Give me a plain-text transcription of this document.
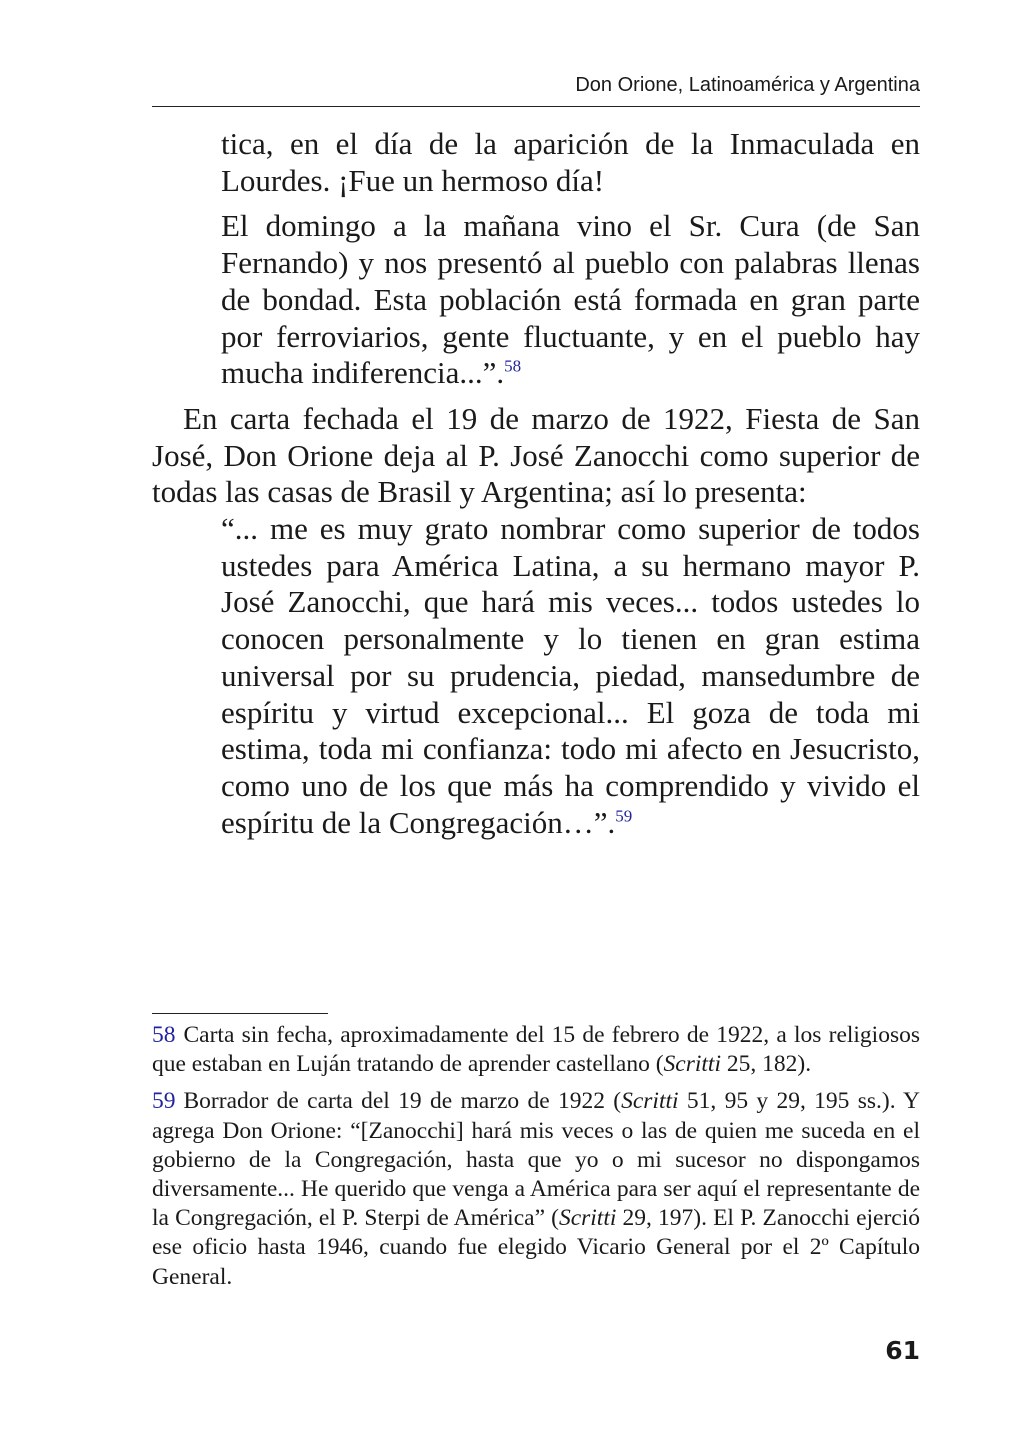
Don Orione, Latinoamérica y Argentina

tica, en el día de la aparición de la Inmaculada en Lourdes. ¡Fue un hermoso día!

El domingo a la mañana vino el Sr. Cura (de San Fernando) y nos presentó al pueblo con palabras llenas de bondad. Esta población está formada en gran parte por ferroviarios, gente fluctuante, y en el pueblo hay mucha indiferencia...”.$^{58}$

En carta fechada el 19 de marzo de 1922, Fiesta de San José, Don Orione deja al P. José Zanocchi como superior de todas las casas de Brasil y Argentina; así lo presenta:

“... me es muy grato nombrar como superior de todos ustedes para América Latina, a su hermano mayor P. José Zanocchi, que hará mis veces... todos ustedes lo conocen personalmente y lo tienen en gran estima universal por su prudencia, piedad, mansedumbre de espíritu y virtud excepcional... El goza de toda mi estima, toda mi confianza: todo mi afecto en Jesucristo, como uno de los que más ha comprendido y vivido el espíritu de la Congregación…”.$^{59}$

58 Carta sin fecha, aproximadamente del 15 de febrero de 1922, a los religiosos que estaban en Luján tratando de aprender castellano (Scritti 25, 182).

59 Borrador de carta del 19 de marzo de 1922 (Scritti 51, 95 y 29, 195 ss.). Y agrega Don Orione: “[Zanocchi] hará mis veces o las de quien me suceda en el gobierno de la Congregación, hasta que yo o mi sucesor no dispongamos diversamente... He querido que venga a América para ser aquí el representante de la Congregación, el P. Sterpi de América” (Scritti 29, 197). El P. Zanocchi ejerció ese oficio hasta 1946, cuando fue elegido Vicario General por el 2º Capítulo General.

61
